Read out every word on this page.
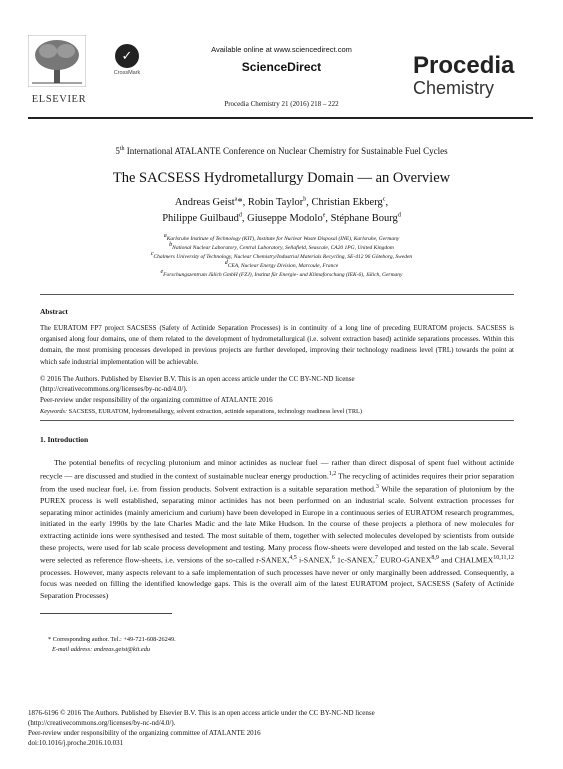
ELSEVIER
Available online at www.sciencedirect.com
✓
CrossMark	ScienceDirect
Procedia Chemistry 21 (2016) 218 – 222
Procedia
Chemistry
5th International ATALANTE Conference on Nuclear Chemistry for Sustainable Fuel Cycles
The SACSESS Hydrometallurgy Domain — an Overview
Andreas Geist$^a$*, Robin Taylor$^b$, Christian Ekberg$^c$,
Philippe Guilbaud$^d$, Giuseppe Modolo$^e$, Stéphane Bourg$^d$
$^a$Karlsruhe Institute of Technology (KIT), Institute for Nuclear Waste Disposal (INE), Karlsruhe, Germany
$^b$National Nuclear Laboratory, Central Laboratory, Sellafield, Seascale, CA20 1PG, United Kingdom
$^c$Chalmers University of Technology, Nuclear Chemistry/Industrial Materials Recycling, SE-412 96 Göteborg, Sweden
$^d$CEA, Nuclear Energy Division, Marcoule, France
$^e$Forschungszentrum Jülich GmbH (FZJ), Institut für Energie- und Klimaforschung (IEK-6), Jülich, Germany
Abstract
The EURATOM FP7 project SACSESS (Safety of Actinide Separation Processes) is in continuity of a long line of preceding EURATOM projects. SACSESS is organised along four domains, one of them related to the development of hydrometallurgical (i.e. solvent extraction based) actinide separations processes. Within this domain, the most promising processes developed in previous projects are further developed, improving their technology readiness level (TRL) towards the point at which safe industrial implementation will be achievable.
© 2016 The Authors. Published by Elsevier B.V. This is an open access article under the CC BY-NC-ND license
(http://creativecommons.org/licenses/by-nc-nd/4.0/).
Peer-review under responsibility of the organizing committee of ATALANTE 2016
Keywords: SACSESS, EURATOM, hydrometallurgy, solvent extraction, actinide separations, technology readiness level (TRL)
1. Introduction

The potential benefits of recycling plutonium and minor actinides as nuclear fuel — rather than direct disposal of spent fuel without actinide recycle — are discussed and studied in the context of sustainable nuclear energy production.$^{1,2}$ The recycling of actinides requires their prior separation from the used nuclear fuel, i.e. from fission products. Solvent extraction is a suitable separation method.$^3$ While the separation of plutonium by the PUREX process is well established, separating minor actinides has not been performed on an industrial scale. Solvent extraction processes for separating minor actinides (mainly americium and curium) have been developed in Europe in a continuous series of EURATOM research programmes, initiated in the early 1990s by the late Charles Madic and the late Mike Hudson. In the course of these projects a plethora of new molecules for extracting actinide ions were synthesised and tested. The most suitable of them, together with selected molecules developed by scientists from outside these projects, were used for lab scale process development and testing. Many process flow-sheets were developed and tested on the lab scale. Several were selected as reference flow-sheets, i.e. versions of the so-called r-SANEX,$^{4,5}$ i-SANEX,$^6$ 1c-SANEX,$^7$ EURO-GANEX$^{8,9}$ and CHALMEX$^{10,11,12}$ processes. However, many aspects relevant to a safe implementation of such processes have never or only marginally been addressed. Consequently, a focus was needed on filling the identified knowledge gaps. This is the overall aim of the latest EURATOM project, SACSESS (Safety of Actinide Separation Processes)

* Corresponding author. Tel.: +49-721-608-26249.
E-mail address: andreas.geist@kit.edu
1876-6196 © 2016 The Authors. Published by Elsevier B.V. This is an open access article under the CC BY-NC-ND license
(http://creativecommons.org/licenses/by-nc-nd/4.0/).
Peer-review under responsibility of the organizing committee of ATALANTE 2016
doi:10.1016/j.proche.2016.10.031
